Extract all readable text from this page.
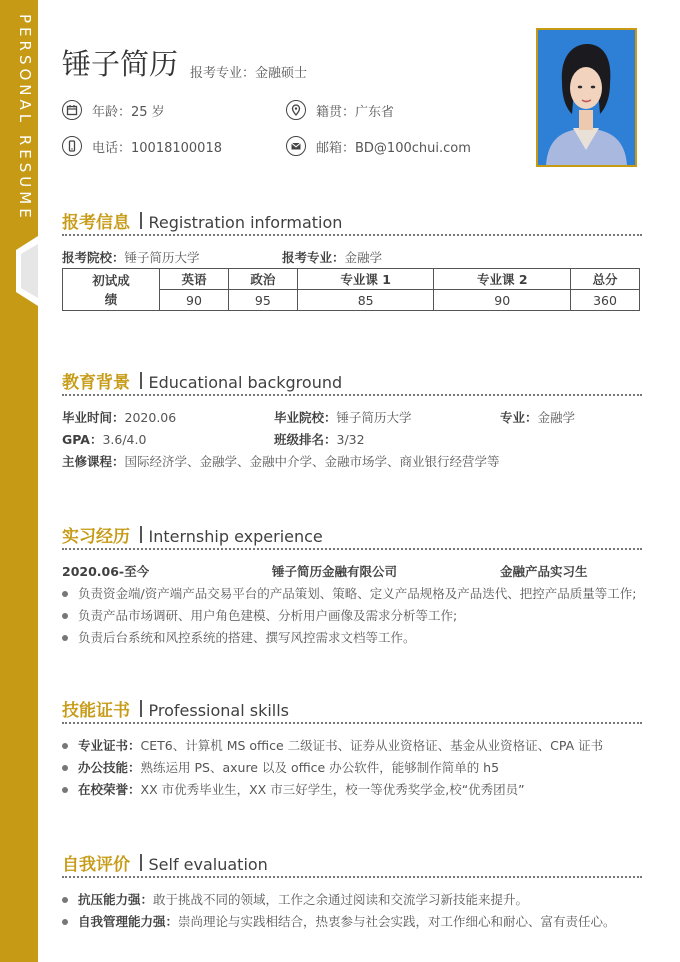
PERSONAL RESUME 锤子简历 报考专业：金融硕士
年龄：25 岁	籍贯：广东省
电话：10018100018	邮箱：BD@100chui.com
报考信息 Registration information
报考院校：锤子简历大学	报考专业：金融学
初试成绩	英语	政治	专业课 1	专业课 2	总分
	90	95	85	90	360
教育背景 Educational background
毕业时间：2020.06	毕业院校：锤子简历大学	专业：金融学
GPA：3.6/4.0	班级排名：3/32
主修课程：国际经济学、金融学、金融中介学、金融市场学、商业银行经营学等
实习经历 Internship experience
2020.06-至今	锤子简历金融有限公司	金融产品实习生
负责资金端/资产端产品交易平台的产品策划、策略、定义产品规格及产品迭代、把控产品质量等工作;
负责产品市场调研、用户角色建模、分析用户画像及需求分析等工作;
负责后台系统和风控系统的搭建、撰写风控需求文档等工作。
技能证书 Professional skills
专业证书：CET6、计算机 MS office 二级证书、证券从业资格证、基金从业资格证、CPA 证书
办公技能：熟练运用 PS、axure 以及 office 办公软件，能够制作简单的 h5
在校荣誉：XX 市优秀毕业生，XX 市三好学生，校一等优秀奖学金,校“优秀团员”
自我评价 Self evaluation
抗压能力强：敢于挑战不同的领域，工作之余通过阅读和交流学习新技能来提升。
自我管理能力强：崇尚理论与实践相结合，热衷参与社会实践，对工作细心和耐心、富有责任心。
